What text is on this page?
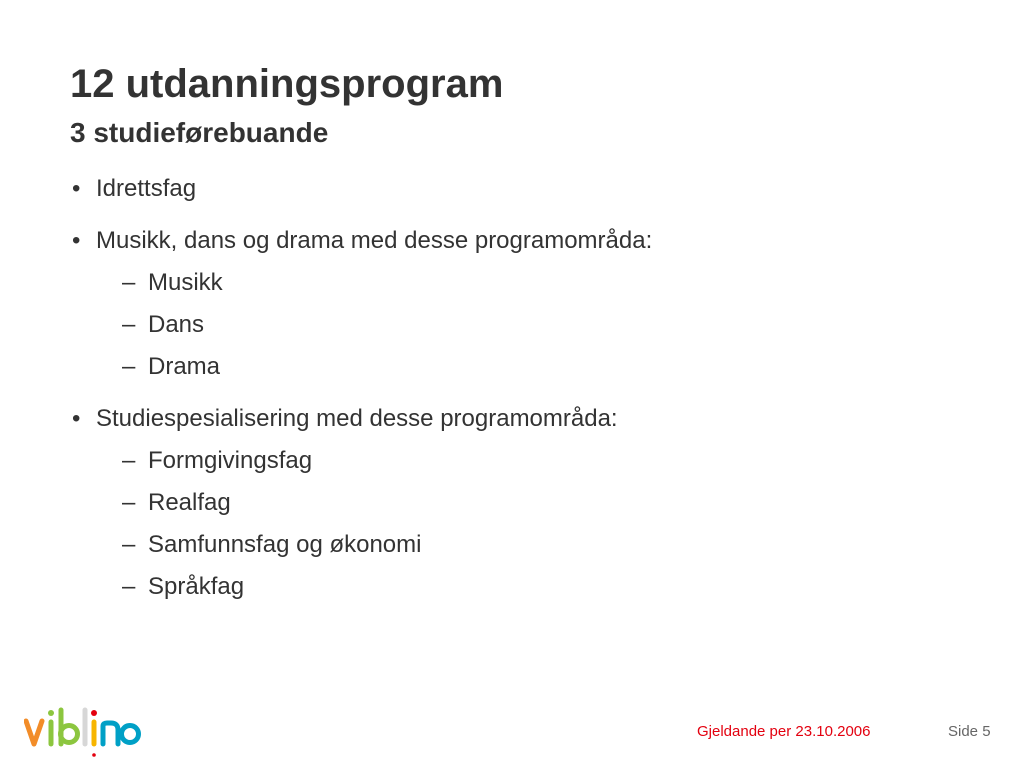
12 utdanningsprogram
3 studieførebuande
• Idrettsfag
• Musikk, dans og drama med desse programområda:
– Musikk
– Dans
– Drama
• Studiespesialisering med desse programområda:
– Formgivingsfag
– Realfag
– Samfunnsfag og økonomi
– Språkfag
Gjeldande per 23.10.2006	Side 5
